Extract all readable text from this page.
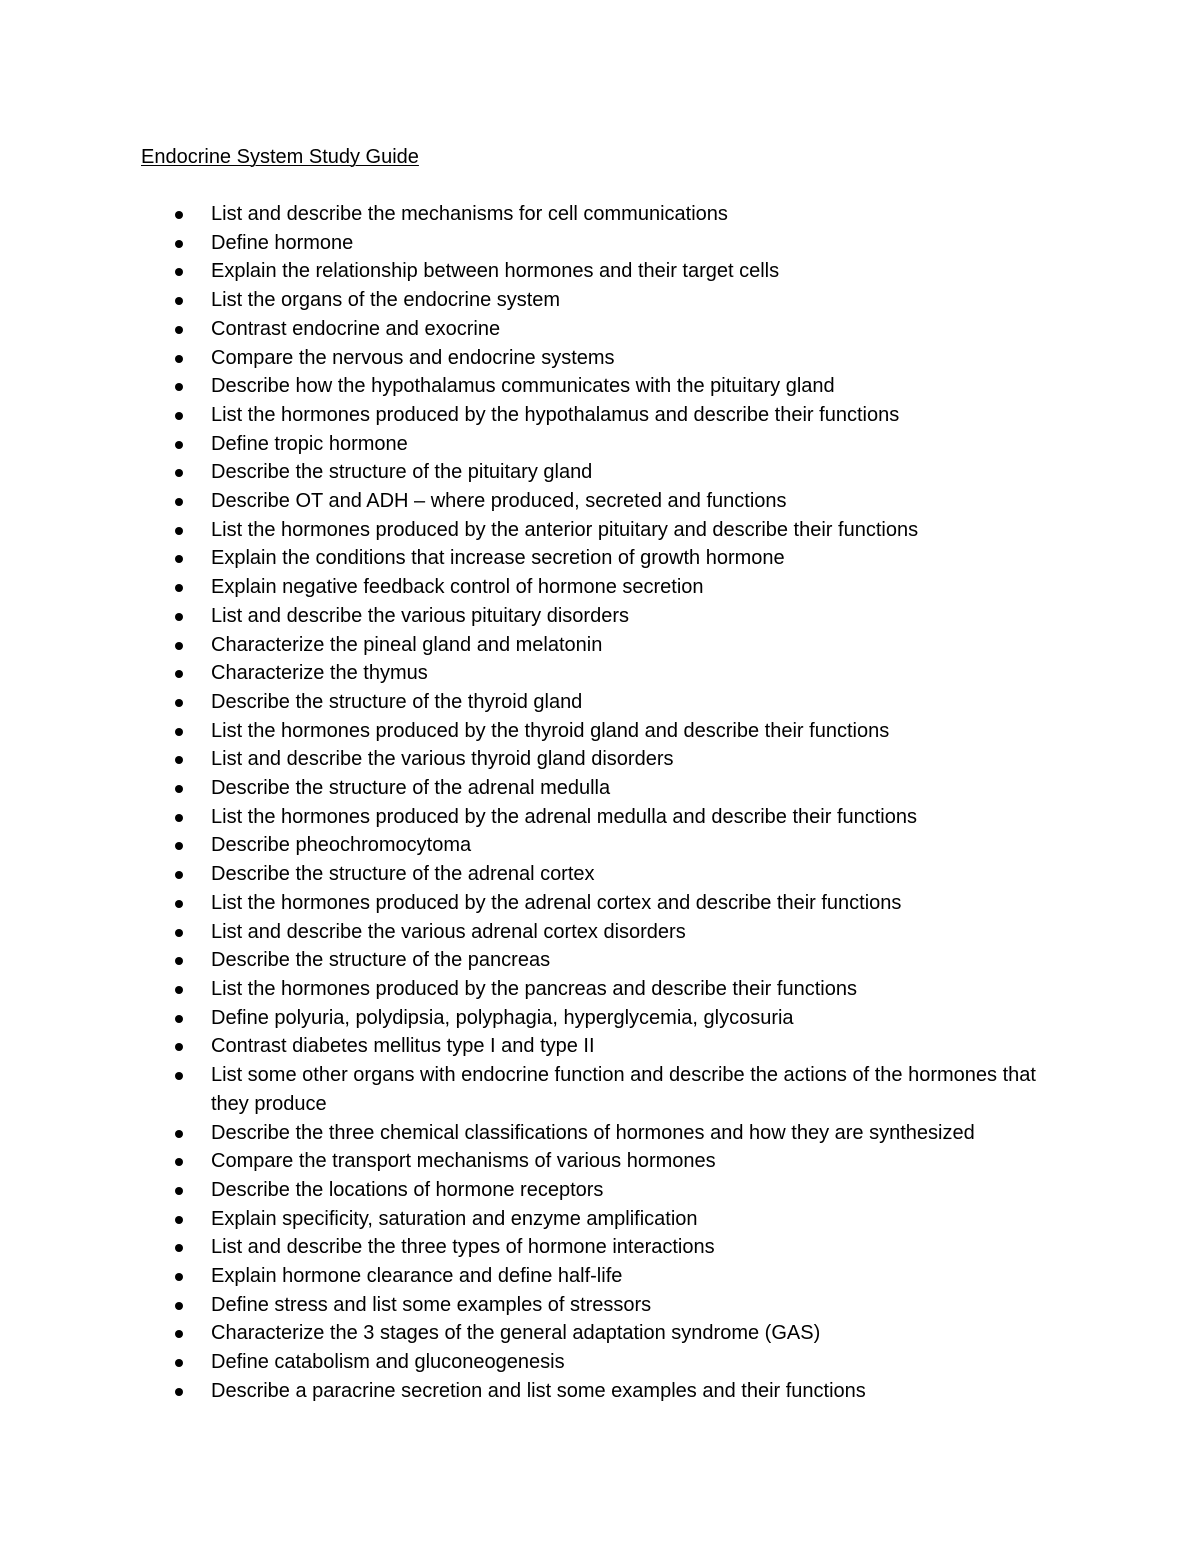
Endocrine System Study Guide
List and describe the mechanisms for cell communications
Define hormone
Explain the relationship between hormones and their target cells
List the organs of the endocrine system
Contrast endocrine and exocrine
Compare the nervous and endocrine systems
Describe how the hypothalamus communicates with the pituitary gland
List the hormones produced by the hypothalamus and describe their functions
Define tropic hormone
Describe the structure of the pituitary gland
Describe OT and ADH – where produced, secreted and functions
List the hormones produced by the anterior pituitary and describe their functions
Explain the conditions that increase secretion of growth hormone
Explain negative feedback control of hormone secretion
List and describe the various pituitary disorders
Characterize the pineal gland and melatonin
Characterize the thymus
Describe the structure of the thyroid gland
List the hormones produced by the thyroid gland and describe their functions
List and describe the various thyroid gland disorders
Describe the structure of the adrenal medulla
List the hormones produced by the adrenal medulla and describe their functions
Describe pheochromocytoma
Describe the structure of the adrenal cortex
List the hormones produced by the adrenal cortex and describe their functions
List and describe the various adrenal cortex disorders
Describe the structure of the pancreas
List the hormones produced by the pancreas and describe their functions
Define polyuria, polydipsia, polyphagia, hyperglycemia, glycosuria
Contrast diabetes mellitus type I and type II
List some other organs with endocrine function and describe the actions of the hormones that they produce
Describe the three chemical classifications of hormones and how they are synthesized
Compare the transport mechanisms of various hormones
Describe the locations of hormone receptors
Explain specificity, saturation and enzyme amplification
List and describe the three types of hormone interactions
Explain hormone clearance and define half-life
Define stress and list some examples of stressors
Characterize the 3 stages of the general adaptation syndrome (GAS)
Define catabolism and gluconeogenesis
Describe a paracrine secretion and list some examples and their functions
